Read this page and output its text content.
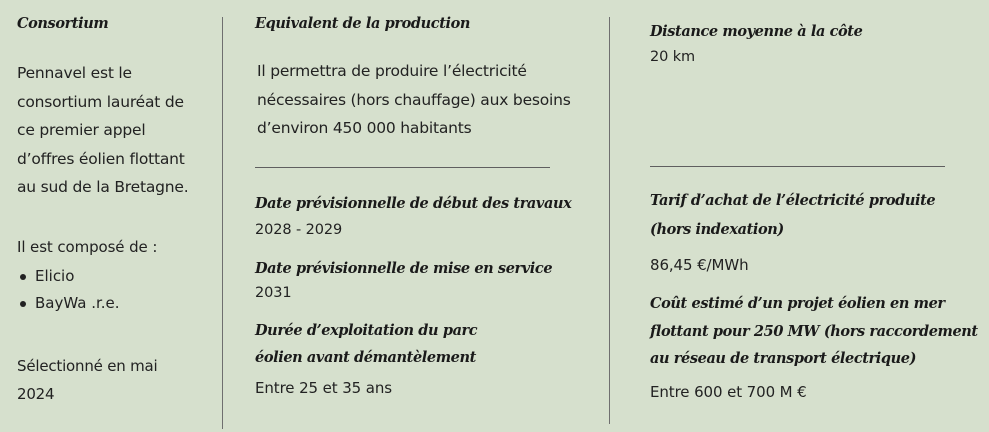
Consortium
Pennavel est le
consortium lauréat de
ce premier appel
d’offres éolien flottant
au sud de la Bretagne.
Il est composé de :
Elicio
BayWa .r.e.
Sélectionné en mai
2024
Equivalent de la production
Il permettra de produire l’électricité
nécessaires (hors chauffage) aux besoins
d’environ 450 000 habitants
Date prévisionnelle de début des travaux
2028 - 2029
Date prévisionnelle de mise en service
2031
Durée d’exploitation du parc
éolien avant démantèlement
Entre 25 et 35 ans
Distance moyenne à la côte
20 km
Tarif d’achat de l’électricité produite
(hors indexation)
86,45 €/MWh
Coût estimé d’un projet éolien en mer
flottant pour 250 MW (hors raccordement
au réseau de transport électrique)
Entre 600 et 700 M €
